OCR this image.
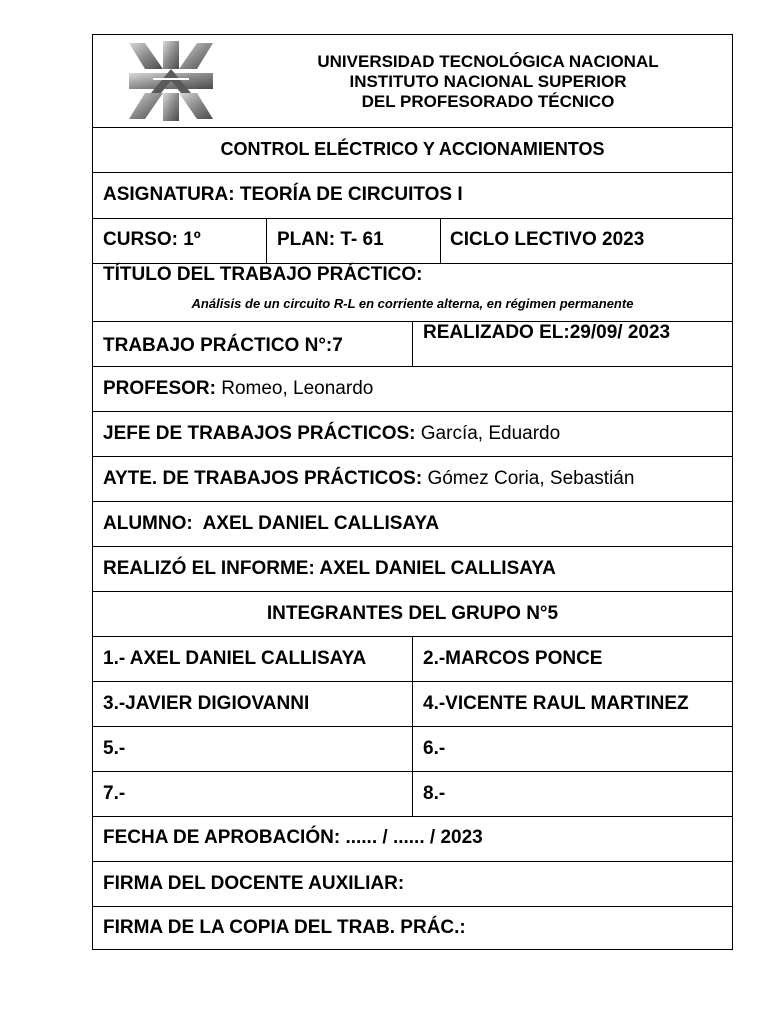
UNIVERSIDAD TECNOLÓGICA NACIONAL
INSTITUTO NACIONAL SUPERIOR
DEL PROFESORADO TÉCNICO
CONTROL ELÉCTRICO Y ACCIONAMIENTOS
ASIGNATURA: TEORÍA DE CIRCUITOS I
CURSO: 1º	PLAN: T- 61	CICLO LECTIVO 2023
TÍTULO DEL TRABAJO PRÁCTICO:
Análisis de un circuito R-L en corriente alterna, en régimen permanente
TRABAJO PRÁCTICO N°:7
REALIZADO EL:29/09/ 2023
PROFESOR: Romeo, Leonardo
JEFE DE TRABAJOS PRÁCTICOS: García, Eduardo
AYTE. DE TRABAJOS PRÁCTICOS: Gómez Coria, Sebastián
ALUMNO: AXEL DANIEL CALLISAYA
REALIZÓ EL INFORME: AXEL DANIEL CALLISAYA
INTEGRANTES DEL GRUPO N°5
1.- AXEL DANIEL CALLISAYA	2.-MARCOS PONCE
3.-JAVIER DIGIOVANNI	4.-VICENTE RAUL MARTINEZ
5.-	6.-
7.-	8.-
FECHA DE APROBACIÓN: ...... / ...... / 2023
FIRMA DEL DOCENTE AUXILIAR:
FIRMA DE LA COPIA DEL TRAB. PRÁC.:
